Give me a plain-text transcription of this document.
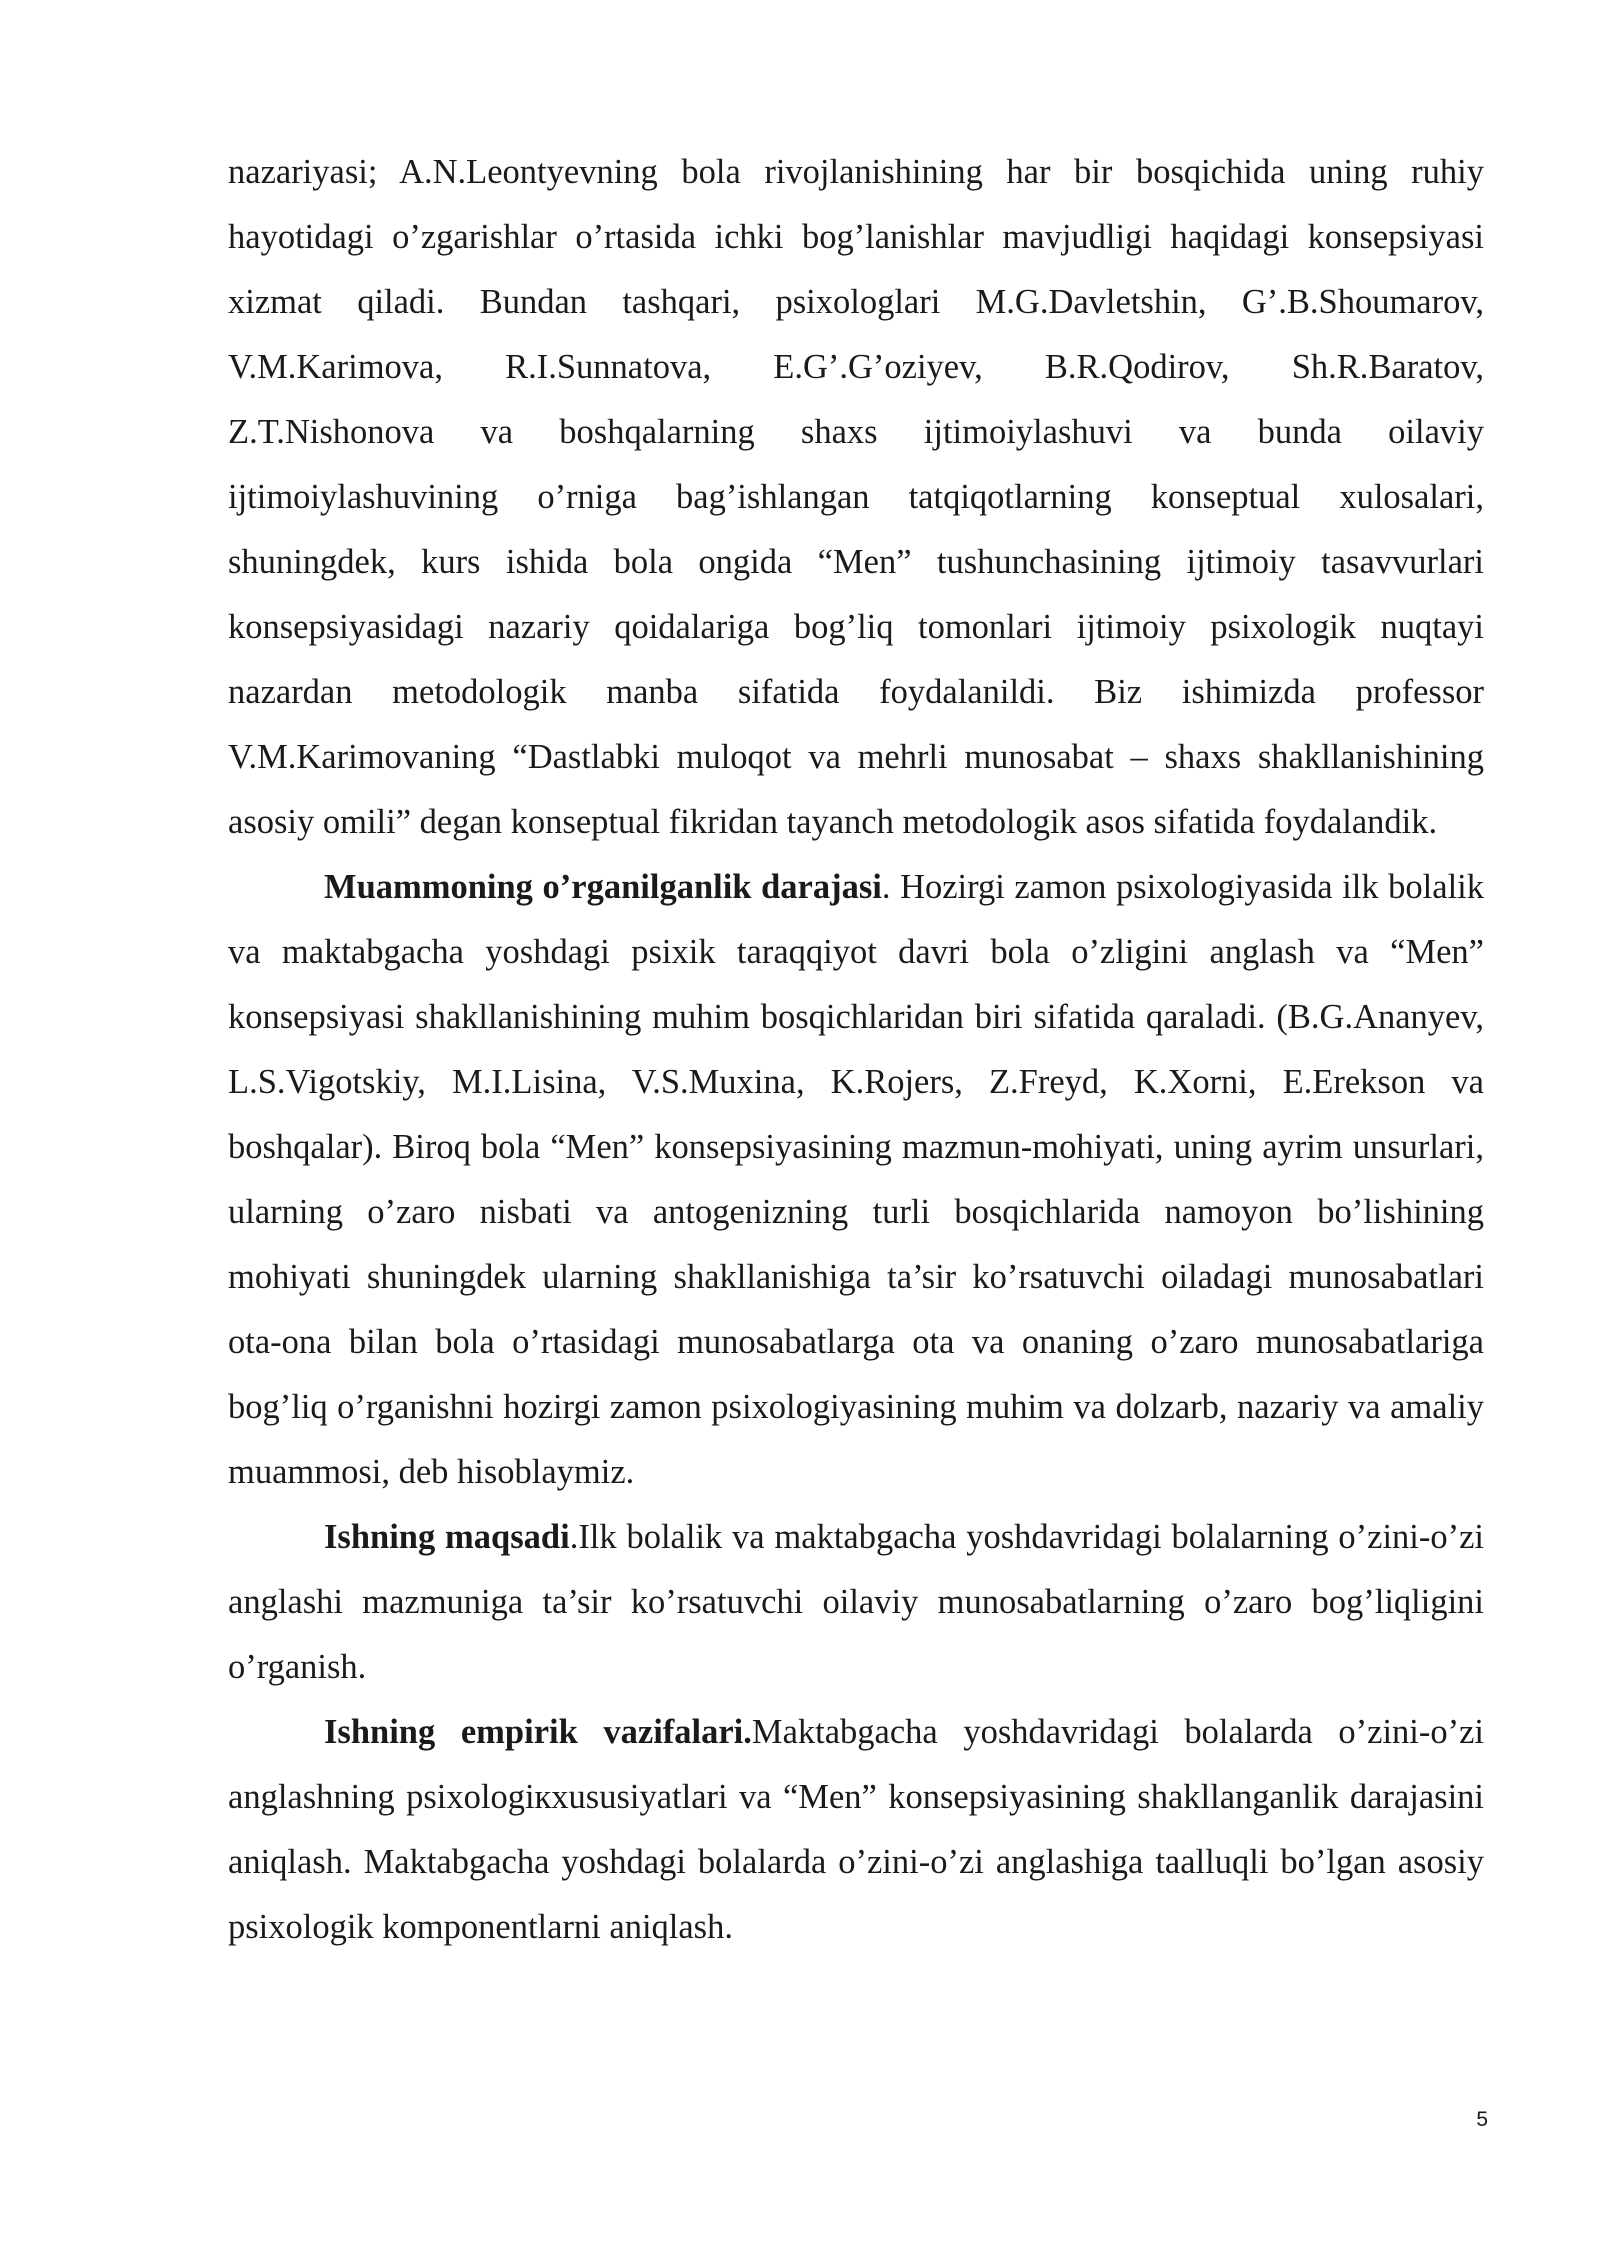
nazariyasi; A.N.Leontyevning bola rivojlanishining har bir bosqichida uning ruhiy hayotidagi o’zgarishlar o’rtasida ichki bog’lanishlar mavjudligi haqidagi konsepsiyasi xizmat qiladi. Bundan tashqari, psixologlari M.G.Davletshin, G’.B.Shoumarov, V.M.Karimova, R.I.Sunnatova, E.G’.G’oziyev, B.R.Qodirov, Sh.R.Baratov, Z.T.Nishonova va boshqalarning shaxs ijtimoiylashuvi va bunda oilaviy ijtimoiylashuvining o’rniga bag’ishlangan tatqiqotlarning konseptual xulosalari, shuningdek, kurs ishida bola ongida “Men” tushunchasining ijtimoiy tasavvurlari konsepsiyasidagi nazariy qoidalariga bog’liq tomonlari ijtimoiy psixologik nuqtayi nazardan metodologik manba sifatida foydalanildi. Biz ishimizda professor V.M.Karimovaning “Dastlabki muloqot va mehrli munosabat – shaxs shakllanishining asosiy omili” degan konseptual fikridan tayanch metodologik asos sifatida foydalandik.

Muammoning o’rganilganlik darajasi. Hozirgi zamon psixologiyasida ilk bolalik va maktabgacha yoshdagi psixik taraqqiyot davri bola o’zligini anglash va “Men” konsepsiyasi shakllanishining muhim bosqichlaridan biri sifatida qaraladi. (B.G.Ananyev, L.S.Vigotskiy, M.I.Lisina, V.S.Muxina, K.Rojers, Z.Freyd, K.Xorni, E.Erekson va boshqalar). Biroq bola “Men” konsepsiyasining mazmun-mohiyati, uning ayrim unsurlari, ularning o’zaro nisbati va antogenizning turli bosqichlarida namoyon bo’lishining mohiyati shuningdek ularning shakllanishiga ta’sir ko’rsatuvchi oiladagi munosabatlari ota-ona bilan bola o’rtasidagi munosabatlarga ota va onaning o’zaro munosabatlariga bog’liq o’rganishni hozirgi zamon psixologiyasining muhim va dolzarb, nazariy va amaliy muammosi, deb hisoblaymiz.

Ishning maqsadi.Ilk bolalik va maktabgacha yoshdavridagi bolalarning o’zini-o’zi anglashi mazmuniga ta’sir ko’rsatuvchi oilaviy munosabatlarning o’zaro bog’liqligini o’rganish.

Ishning empirik vazifalari.Maktabgacha yoshdavridagi bolalarda o’zini-o’zi anglashning psixologiкxususiyatlari va “Men” konsepsiyasining shakllanganlik darajasini aniqlash. Maktabgacha yoshdagi bolalarda o’zini-o’zi anglashiga taalluqli bo’lgan asosiy psixologik komponentlarni aniqlash.

5
